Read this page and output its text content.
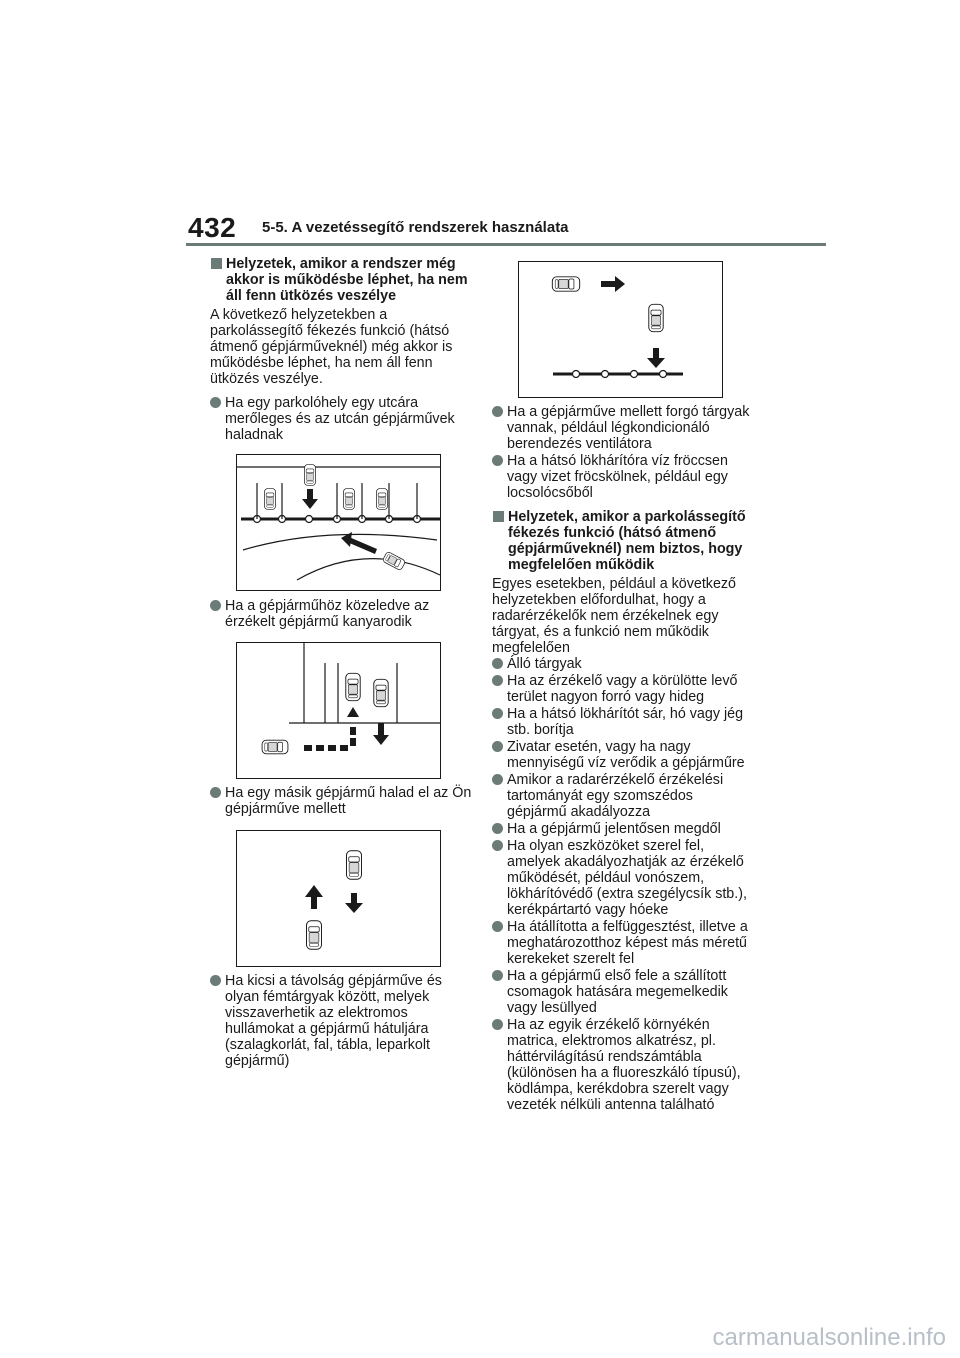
432 5-5. A vezetéssegítő rendszerek használata
Helyzetek, amikor a rendszer még akkor is működésbe léphet, ha nem áll fenn ütközés veszélye
A következő helyzetekben a parkolássegítő fékezés funkció (hátsó átmenő gépjárműveknél) még akkor is működésbe léphet, ha nem áll fenn ütközés veszélye.
Ha egy parkolóhely egy utcára merőleges és az utcán gépjárművek haladnak
Ha a gépjárműhöz közeledve az érzékelt gépjármű kanyarodik
Ha egy másik gépjármű halad el az Ön gépjárműve mellett
Ha kicsi a távolság gépjárműve és olyan fémtárgyak között, melyek visszaverhetik az elektromos hullámokat a gépjármű hátuljára (szalagkorlát, fal, tábla, leparkolt gépjármű)
Ha a gépjárműve mellett forgó tárgyak vannak, például légkondicionáló berendezés ventilátora
Ha a hátsó lökhárítóra víz fröccsen vagy vizet fröcskölnek, például egy locsolócsőből
Helyzetek, amikor a parkolássegítő fékezés funkció (hátsó átmenő gépjárműveknél) nem biztos, hogy megfelelően működik
Egyes esetekben, például a következő helyzetekben előfordulhat, hogy a radarérzékelők nem érzékelnek egy tárgyat, és a funkció nem működik megfelelően
Álló tárgyak
Ha az érzékelő vagy a körülötte levő terület nagyon forró vagy hideg
Ha a hátsó lökhárítót sár, hó vagy jég stb. borítja
Zivatar esetén, vagy ha nagy mennyiségű víz verődik a gépjárműre
Amikor a radarérzékelő érzékelési tartományát egy szomszédos gépjármű akadályozza
Ha a gépjármű jelentősen megdől
Ha olyan eszközöket szerel fel, amelyek akadályozhatják az érzékelő működését, például vonószem, lökhárítóvédő (extra szegélycsík stb.), kerékpártartó vagy hóeke
Ha átállította a felfüggesztést, illetve a meghatározotthoz képest más méretű kerekeket szerelt fel
Ha a gépjármű első fele a szállított csomagok hatására megemelkedik vagy lesüllyed
Ha az egyik érzékelő környékén matrica, elektromos alkatrész, pl. háttérvilágítású rendszámtábla (különösen ha a fluoreszkáló típusú), ködlámpa, kerékdobra szerelt vagy vezeték nélküli antenna található
carmanualsonline.info
